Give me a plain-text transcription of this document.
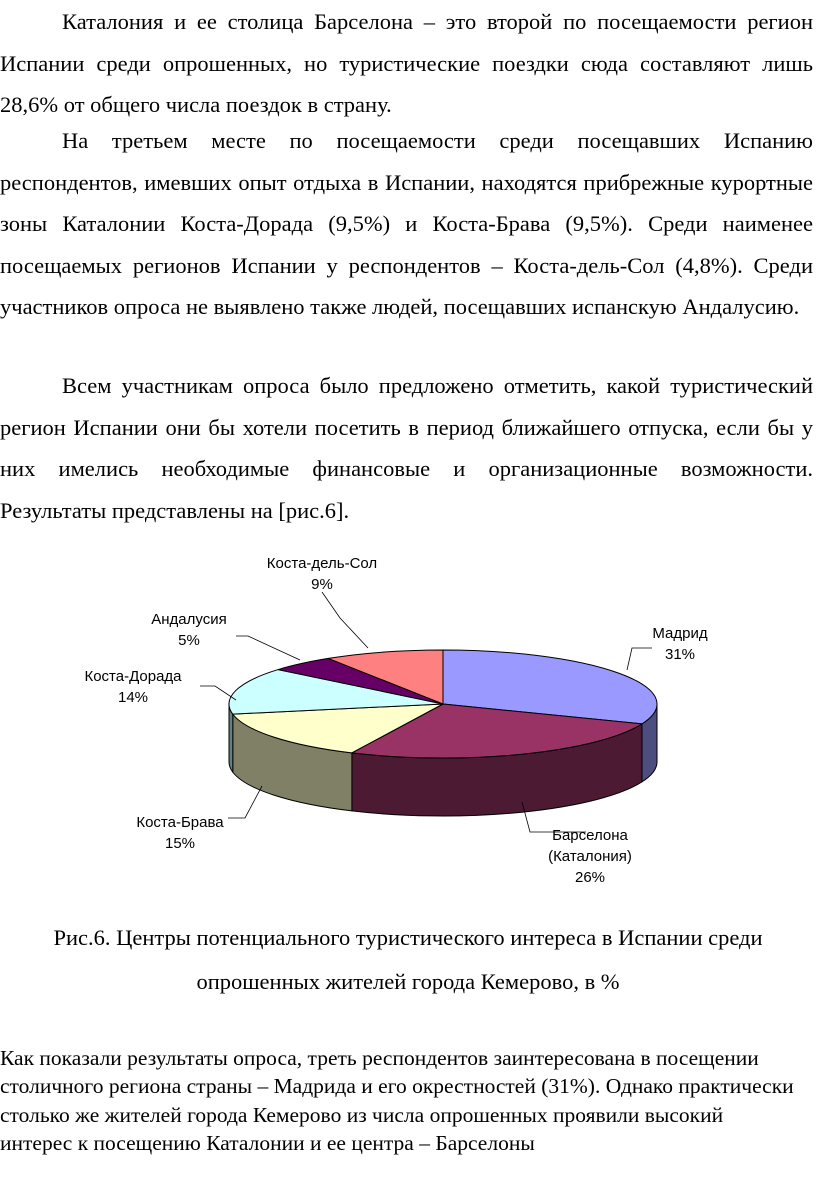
Каталония и ее столица Барселона – это второй по посещаемости регион Испании среди опрошенных, но туристические поездки сюда составляют лишь 28,6% от общего числа поездок в страну.

На третьем месте по посещаемости среди посещавших Испанию респондентов, имевших опыт отдыха в Испании, находятся прибрежные курортные зоны Каталонии Коста-Дорада (9,5%) и Коста-Брава (9,5%). Среди наименее посещаемых регионов Испании у респондентов – Коста-дель-Сол (4,8%). Среди участников опроса не выявлено также людей, посещавших испанскую Андалусию.

Всем участникам опроса было предложено отметить, какой туристический регион Испании они бы хотели посетить в период ближайшего отпуска, если бы у них имелись необходимые финансовые и организационные возможности. Результаты представлены на [рис.6].

Мадрид 31%
Барселона (Каталония) 26%
Коста-Брава 15%
Коста-Дорада 14%
Андалусия 5%
Коста-дель-Сол 9%
Рис.6. Центры потенциального туристического интереса в Испании среди
опрошенных жителей города Кемерово, в %

Как показали результаты опроса, треть респондентов заинтересована в посещении столичного региона страны – Мадрида и его окрестностей (31%). Однако практически столько же жителей города Кемерово из числа опрошенных проявили высокий интерес к посещению Каталонии и ее центра – Барселоны
